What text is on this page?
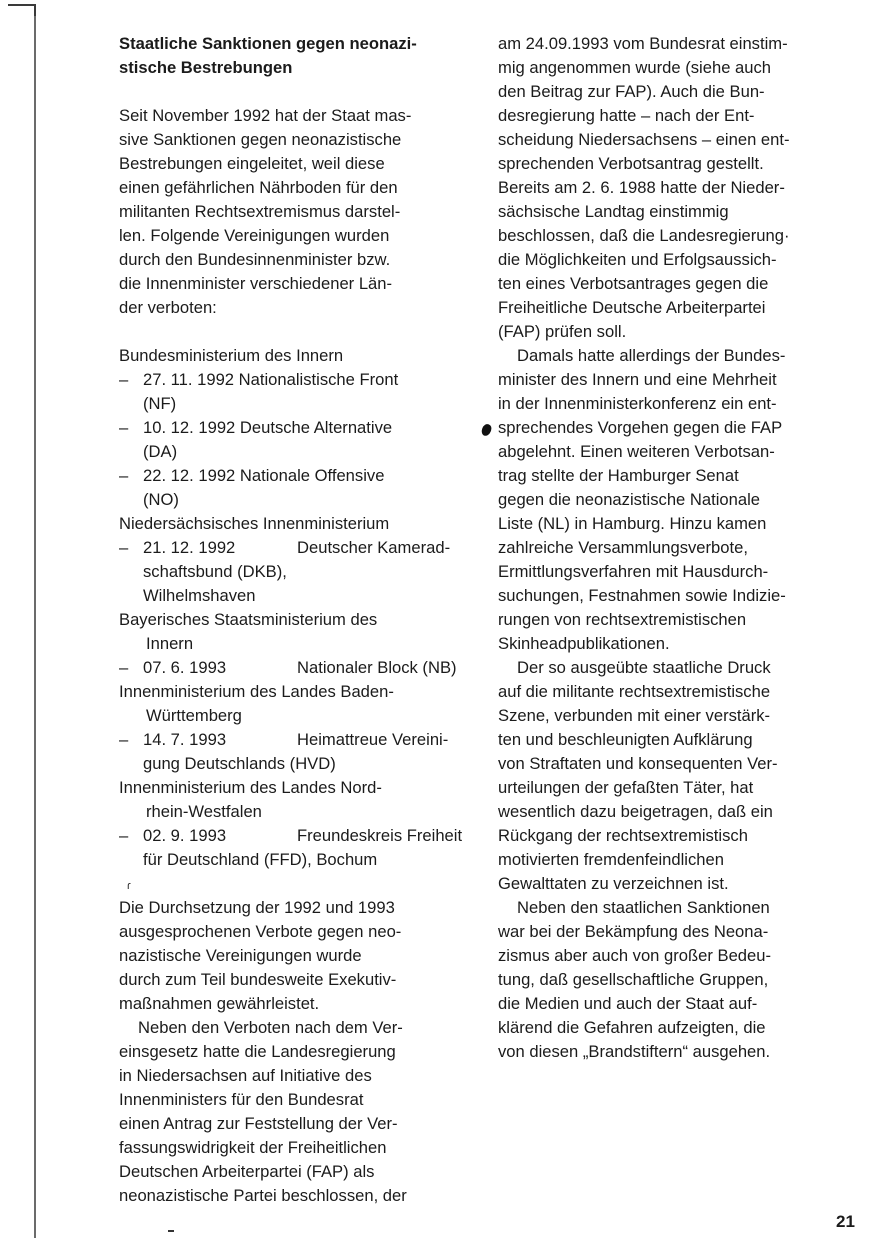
Staatliche Sanktionen gegen neonazi-
stische Bestrebungen
Seit November 1992 hat der Staat mas-
sive Sanktionen gegen neonazistische
Bestrebungen eingeleitet, weil diese
einen gefährlichen Nährboden für den
militanten Rechtsextremismus darstel-
len. Folgende Vereinigungen wurden
durch den Bundesinnenminister bzw.
die Innenminister verschiedener Län-
der verboten:
Bundesministerium des Innern
– 27. 11. 1992 Nationalistische Front
(NF)
– 10. 12. 1992 Deutsche Alternative
(DA)
– 22. 12. 1992 Nationale Offensive
(NO)
Niedersächsisches Innenministerium
– 21. 12. 1992	Deutscher Kamerad-
schaftsbund (DKB),
Wilhelmshaven
Bayerisches Staatsministerium des
Innern
– 07. 6. 1993	Nationaler Block (NB)
Innenministerium des Landes Baden-
Württemberg
– 14. 7. 1993	Heimattreue Vereini-
gung Deutschlands (HVD)
Innenministerium des Landes Nord-
rhein-Westfalen
– 02. 9. 1993	Freundeskreis Freiheit
für Deutschland (FFD), Bochum
Die Durchsetzung der 1992 und 1993
ausgesprochenen Verbote gegen neo-
nazistische Vereinigungen wurde
durch zum Teil bundesweite Exekutiv-
maßnahmen gewährleistet.
Neben den Verboten nach dem Ver-
einsgesetz hatte die Landesregierung
in Niedersachsen auf Initiative des
Innenministers für den Bundesrat
einen Antrag zur Feststellung der Ver-
fassungswidrigkeit der Freiheitlichen
Deutschen Arbeiterpartei (FAP) als
neonazistische Partei beschlossen, der
ɾ
am 24.09.1993 vom Bundesrat einstim-
mig angenommen wurde (siehe auch
den Beitrag zur FAP). Auch die Bun-
desregierung hatte – nach der Ent-
scheidung Niedersachsens – einen ent-
sprechenden Verbotsantrag gestellt.
Bereits am 2. 6. 1988 hatte der Nieder-
sächsische Landtag einstimmig
beschlossen, daß die Landesregierung·
die Möglichkeiten und Erfolgsaussich-
ten eines Verbotsantrages gegen die
Freiheitliche Deutsche Arbeiterpartei
(FAP) prüfen soll.
Damals hatte allerdings der Bundes-
minister des Innern und eine Mehrheit
in der Innenministerkonferenz ein ent-
sprechendes Vorgehen gegen die FAP
abgelehnt. Einen weiteren Verbotsan-
trag stellte der Hamburger Senat
gegen die neonazistische Nationale
Liste (NL) in Hamburg. Hinzu kamen
zahlreiche Versammlungsverbote,
Ermittlungsverfahren mit Hausdurch-
suchungen, Festnahmen sowie Indizie-
rungen von rechtsextremistischen
Skinheadpublikationen.
Der so ausgeübte staatliche Druck
auf die militante rechtsextremistische
Szene, verbunden mit einer verstärk-
ten und beschleunigten Aufklärung
von Straftaten und konsequenten Ver-
urteilungen der gefaßten Täter, hat
wesentlich dazu beigetragen, daß ein
Rückgang der rechtsextremistisch
motivierten fremdenfeindlichen
Gewalttaten zu verzeichnen ist.
Neben den staatlichen Sanktionen
war bei der Bekämpfung des Neona-
zismus aber auch von großer Bedeu-
tung, daß gesellschaftliche Gruppen,
die Medien und auch der Staat auf-
klärend die Gefahren aufzeigten, die
von diesen „Brandstiftern“ ausgehen.
21
